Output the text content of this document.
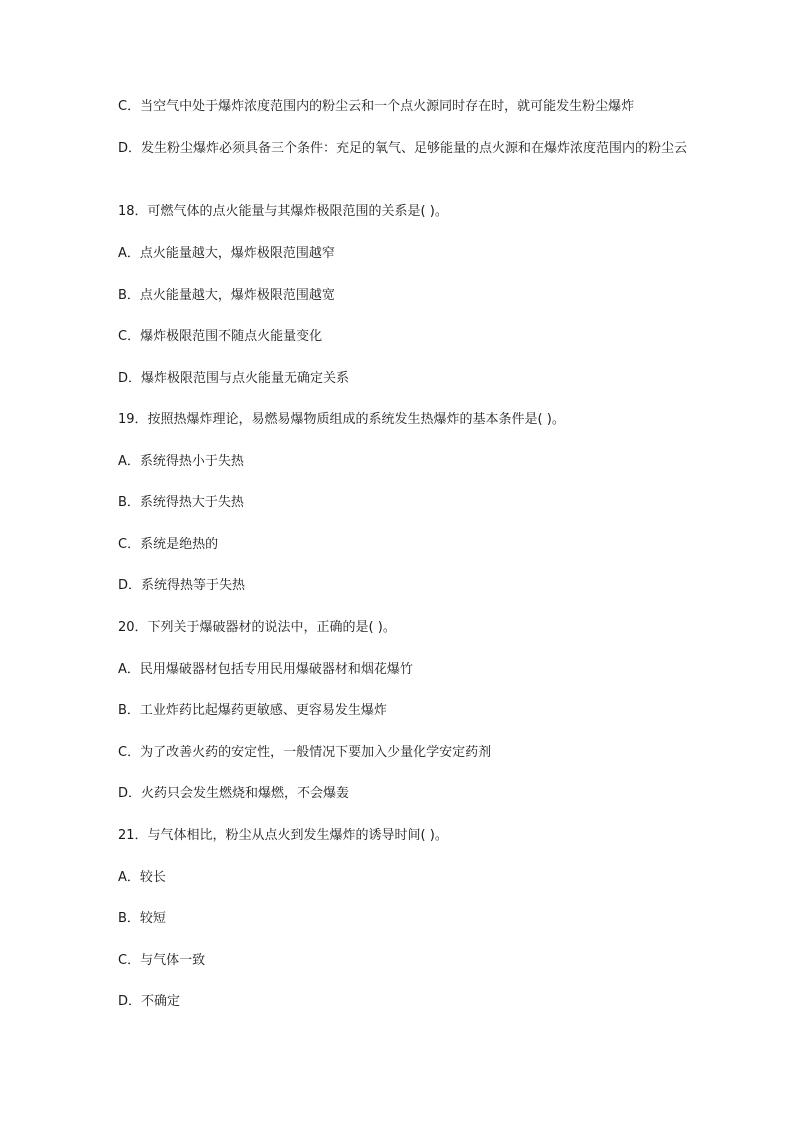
C．当空气中处于爆炸浓度范围内的粉尘云和一个点火源同时存在时，就可能发生粉尘爆炸
D．发生粉尘爆炸必须具备三个条件：充足的氧气、足够能量的点火源和在爆炸浓度范围内的粉尘云
18．可燃气体的点火能量与其爆炸极限范围的关系是( )。
A．点火能量越大，爆炸极限范围越窄
B．点火能量越大，爆炸极限范围越宽
C．爆炸极限范围不随点火能量变化
D．爆炸极限范围与点火能量无确定关系
19．按照热爆炸理论，易燃易爆物质组成的系统发生热爆炸的基本条件是( )。
A．系统得热小于失热
B．系统得热大于失热
C．系统是绝热的
D．系统得热等于失热
20．下列关于爆破器材的说法中，正确的是( )。
A．民用爆破器材包括专用民用爆破器材和烟花爆竹
B．工业炸药比起爆药更敏感、更容易发生爆炸
C．为了改善火药的安定性，一般情况下要加入少量化学安定药剂
D．火药只会发生燃烧和爆燃，不会爆轰
21．与气体相比，粉尘从点火到发生爆炸的诱导时间( )。
A．较长
B．较短
C．与气体一致
D．不确定
